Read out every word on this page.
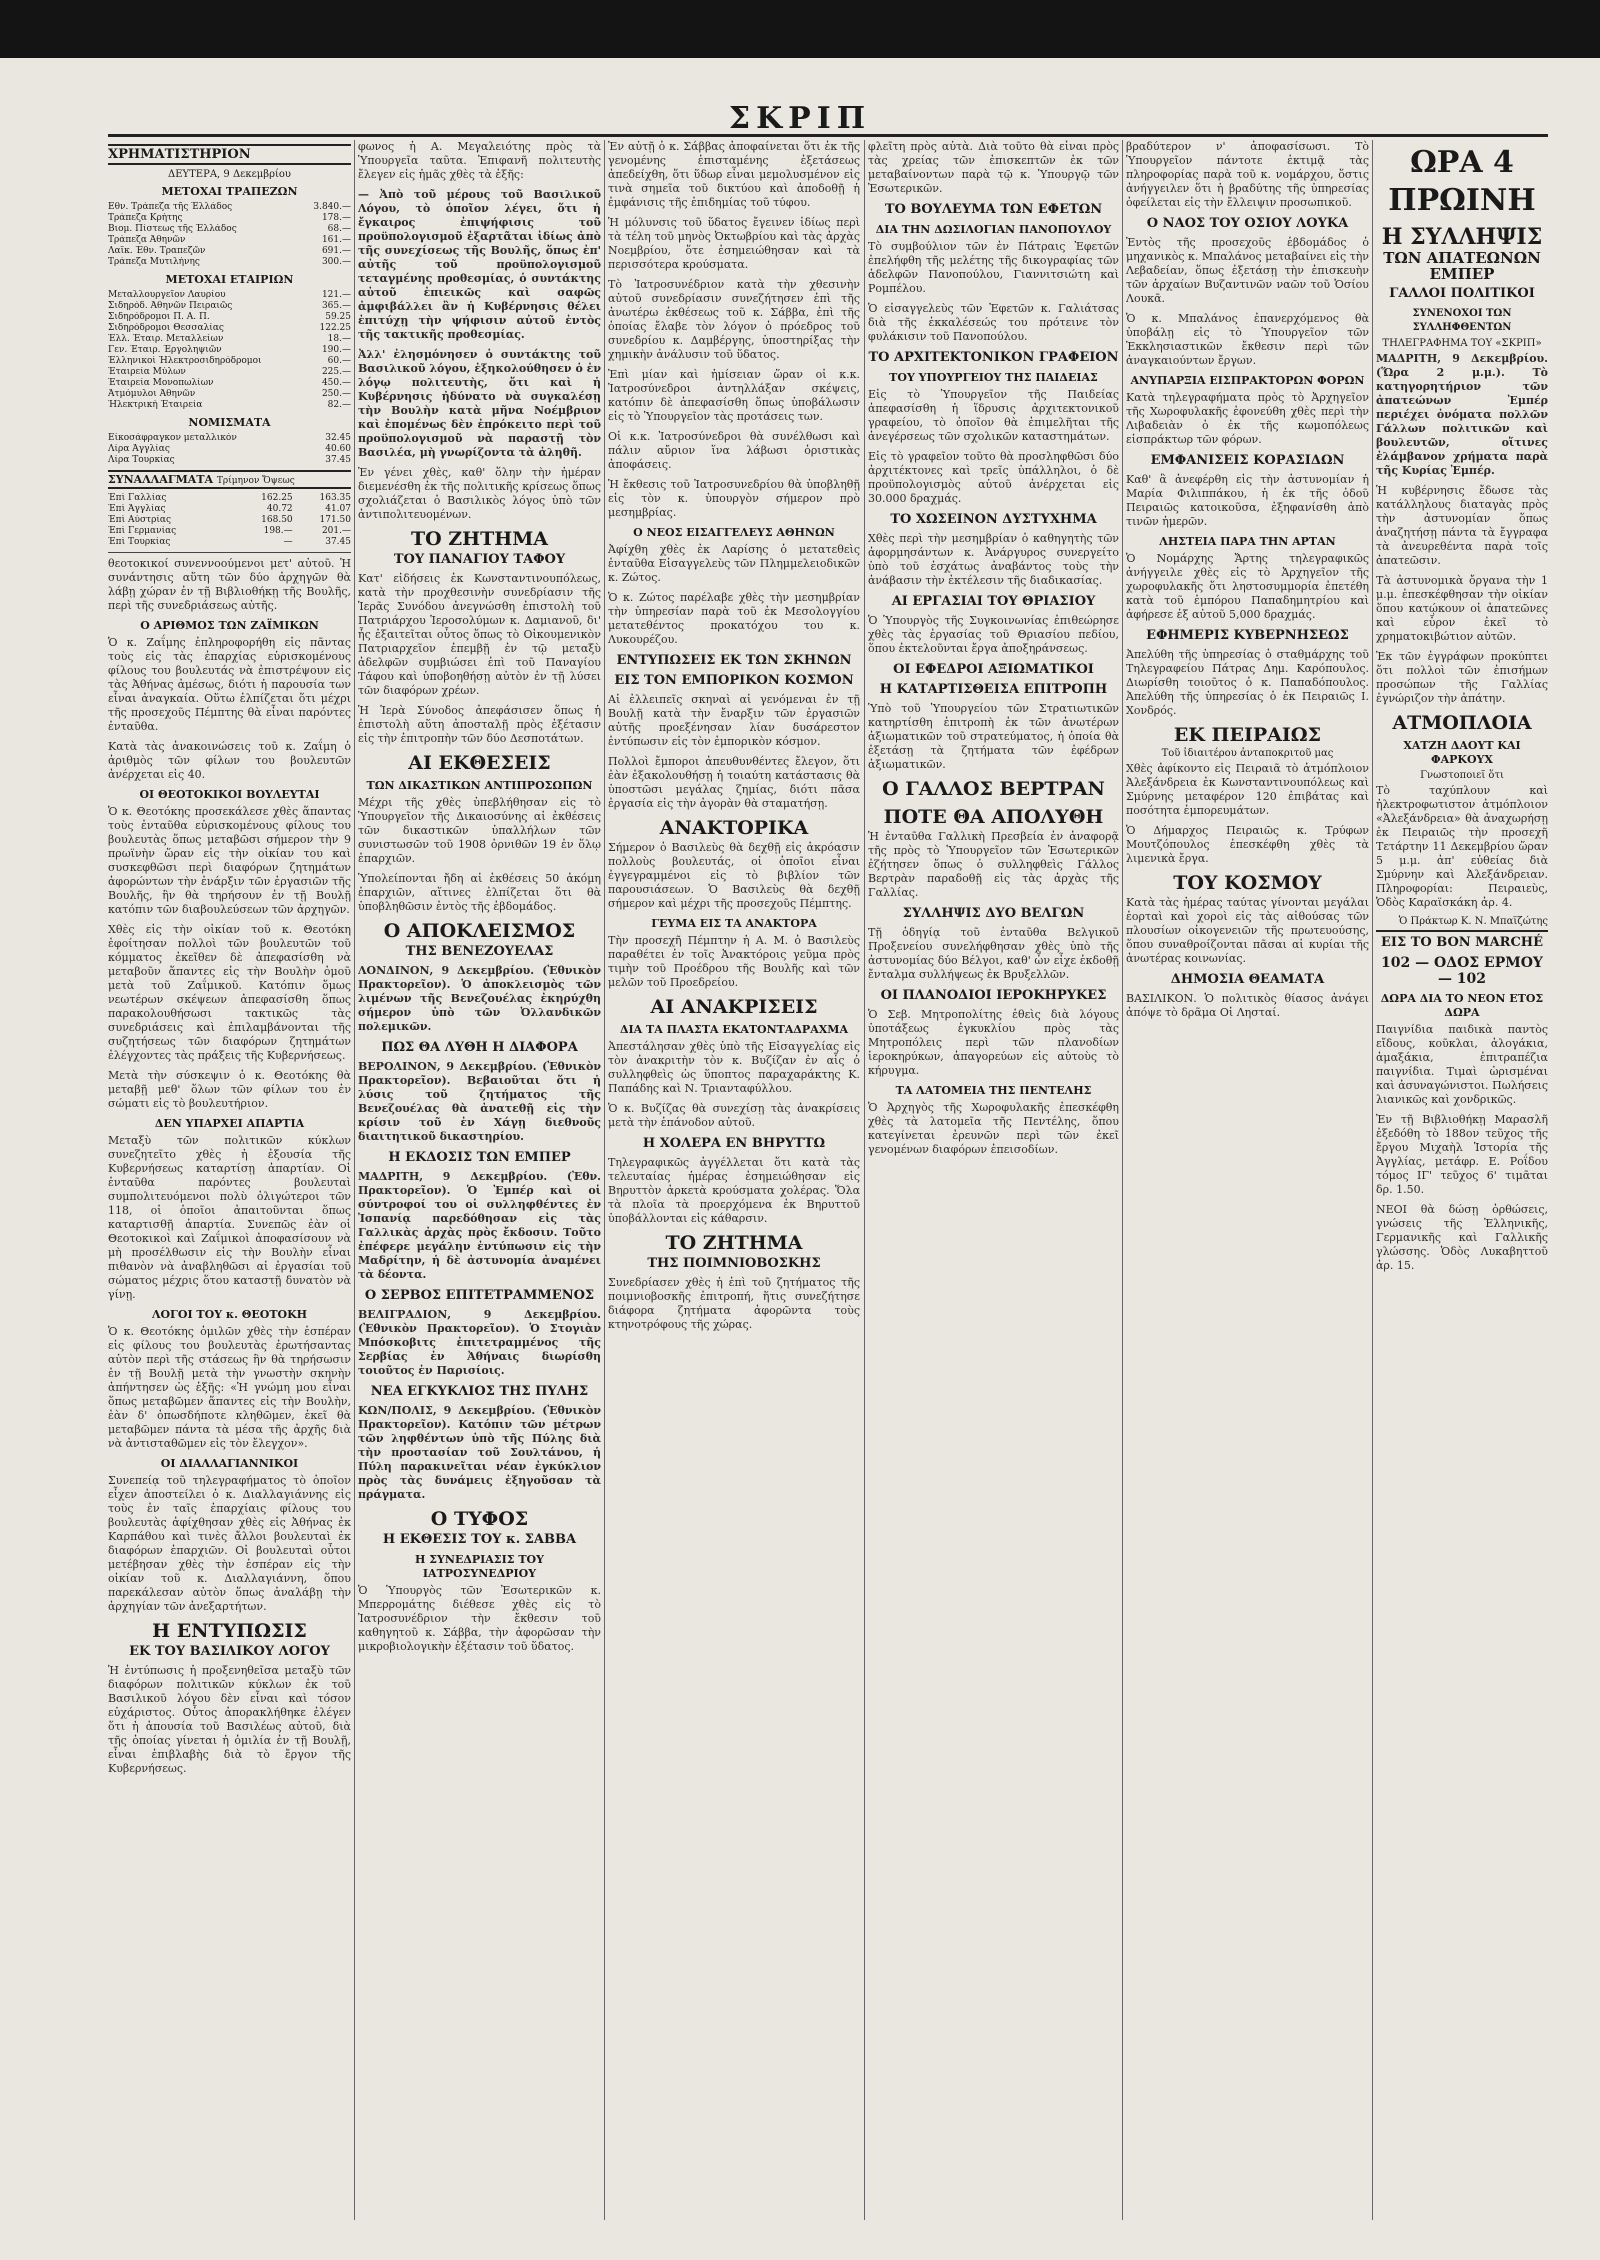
ΣΚΡΙΠ
ΧΡΗΜΑΤΙΣΤΗΡΙΟΝ
ΔΕΥΤΕΡΑ, 9 Δεκεμβρίου
ΜΕΤΟΧΑΙ ΤΡΑΠΕΖΩΝ
Εθν. Τράπεζα τῆς Ἑλλάδος	3.840.—
Τράπεζα Κρήτης	178.—
Βιομ. Πίστεως τῆς Ἑλλάδος	68.—
Τράπεζα Ἀθηνῶν	161.—
Λαϊκ. Ἐθν. Τραπεζῶν	691.—
Τράπεζα Μυτιλήνης	300.—
ΜΕΤΟΧΑΙ ΕΤΑΙΡΙΩΝ
Μεταλλουργεῖον Λαυρίου	121.—
Σιδηρόδ. Ἀθηνῶν Πειραιῶς	365.—
Σιδηρόδρομοι Π. Α. Π.	59.25
Σιδηρόδρομοι Θεσσαλίας	122.25
Ἑλλ. Ἐταιρ. Μεταλλείων	18.—
Γεν. Ἐταιρ. Ἐργοληψιῶν	190.—
Ἑλληνικοὶ Ἠλεκτροσιδηρόδρομοι	60.—
Ἐταιρεία Μύλων	225.—
Ἐταιρεία Μονοπωλίων	450.—
Ἀτμόμυλοι Ἀθηνῶν	250.—
Ἠλεκτρικὴ Ἐταιρεία	82.—
ΝΟΜΙΣΜΑΤΑ
Εἰκοσάφραγκον μεταλλικόν	32.45
Λίρα Ἀγγλίας	40.60
Λίρα Τουρκίας	37.45
ΣΥΝΑΛΛΑΓΜΑΤΑ Τρίμηνον Ὄψεως
Ἐπὶ Γαλλίας	162.25	163.35
Ἐπὶ Ἀγγλίας	40.72	41.07
Ἐπὶ Αὐστρίας	168.50	171.50
Ἐπὶ Γερμανίας	198.—	201.—
Ἐπὶ Τουρκίας	—	37.45

θεοτοκικοί συνεννοούμενοι μετ' αὐτοῦ. Ἡ συνάντησις αὕτη τῶν δύο ἀρχηγῶν θὰ λάβῃ χώραν ἐν τῇ Βιβλιοθήκῃ τῆς Βουλῆς, περὶ τῆς συνεδριάσεως αὐτῆς.

Ο ΑΡΙΘΜΟΣ ΤΩΝ ΖΑΪΜΙΚΩΝ

Ὁ κ. Ζαΐμης ἐπληροφορήθη εἰς πᾶντας τοὺς εἰς τὰς ἐπαρχίας εὑρισκομένους φίλους του βουλευτάς νὰ ἐπιστρέψουν εἰς τὰς Ἀθήνας ἀμέσως, διότι ἡ παρουσία των εἶναι ἀναγκαία. Οὕτω ἐλπίζεται ὅτι μέχρι τῆς προσεχοῦς Πέμπτης θὰ εἶναι παρόντες ἐνταῦθα.

Κατὰ τὰς ἀνακοινώσεις τοῦ κ. Ζαΐμη ὁ ἀριθμὸς τῶν φίλων του βουλευτῶν ἀνέρχεται εἰς 40.

ΟΙ ΘΕΟΤΟΚΙΚΟΙ ΒΟΥΛΕΥΤΑΙ

Ὁ κ. Θεοτόκης προσεκάλεσε χθὲς ἅπαντας τοὺς ἐνταῦθα εὑρισκομένους φίλους του βουλευτὰς ὅπως μεταβῶσι σήμερον τὴν 9 πρωϊνὴν ὥραν εἰς τὴν οἰκίαν του καὶ συσκεφθῶσι περὶ διαφόρων ζητημάτων ἀφορώντων τὴν ἐνάρξιν τῶν ἐργασιῶν τῆς Βουλῆς, ἣν θὰ τηρήσουν ἐν τῇ Βουλῇ κατόπιν τῶν διαβουλεύσεων τῶν ἀρχηγῶν.

Χθὲς εἰς τὴν οἰκίαν τοῦ κ. Θεοτόκη ἐφοίτησαν πολλοὶ τῶν βουλευτῶν τοῦ κόμματος ἐκεῖθεν δὲ ἀπεφασίσθη νὰ μεταβοῦν ἅπαντες εἰς τὴν Βουλὴν ὁμοῦ μετὰ τοῦ Ζαΐμικοῦ. Κατόπιν ὅμως νεωτέρων σκέψεων ἀπεφασίσθη ὅπως παρακολουθήσωσι τακτικῶς τὰς συνεδριάσεις καὶ ἐπιλαμβάνονται τῆς συζητήσεως τῶν διαφόρων ζητημάτων ἐλέγχοντες τὰς πράξεις τῆς Κυβερνήσεως.

Μετὰ τὴν σύσκεψιν ὁ κ. Θεοτόκης θὰ μεταβῇ μεθ' ὅλων τῶν φίλων του ἐν σώματι εἰς τὸ βουλευτήριον.

ΔΕΝ ΥΠΑΡΧΕΙ ΑΠΑΡΤΙΑ

Μεταξὺ τῶν πολιτικῶν κύκλων συνεζητεῖτο χθὲς ἡ ἐξουσία τῆς Κυβερνήσεως καταρτίσῃ ἀπαρτίαν. Οἱ ἐνταῦθα παρόντες βουλευταὶ συμπολιτευόμενοι πολὺ ὀλιγώτεροι τῶν 118, οἱ ὁποῖοι ἀπαιτοῦνται ὅπως καταρτισθῇ ἀπαρτία. Συνεπῶς ἐὰν οἱ Θεοτοκικοὶ καὶ Ζαΐμικοὶ ἀποφασίσουν νὰ μὴ προσέλθωσιν εἰς τὴν Βουλὴν εἶναι πιθανὸν νὰ ἀναβληθῶσι αἱ ἐργασίαι τοῦ σώματος μέχρις ὅτου καταστῇ δυνατὸν νὰ γίνῃ.

ΛΟΓΟΙ ΤΟΥ κ. ΘΕΟΤΟΚΗ

Ὁ κ. Θεοτόκης ὁμιλῶν χθὲς τὴν ἑσπέραν εἰς φίλους του βουλευτὰς ἐρωτήσαντας αὐτὸν περὶ τῆς στάσεως ἣν θὰ τηρήσωσιν ἐν τῇ Βουλῇ μετὰ τὴν γνωστὴν σκηνὴν ἀπήντησεν ὡς ἑξῆς: «Ἡ γνώμη μου εἶναι ὅπως μεταβῶμεν ἅπαντες εἰς τὴν Βουλὴν, ἐὰν δ' ὁπωσδήποτε κληθῶμεν, ἐκεῖ θὰ μεταβῶμεν πάντα τὰ μέσα τῆς ἀρχῆς διὰ νὰ ἀντισταθῶμεν εἰς τὸν ἔλεγχον».

ΟΙ ΔΙΑΛΛΑΓΙΑΝΝΙΚΟΙ

Συνεπείᾳ τοῦ τηλεγραφήματος τὸ ὁποῖον εἶχεν ἀποστείλει ὁ κ. Διαλλαγιάννης εἰς τοὺς ἐν ταῖς ἐπαρχίαις φίλους του βουλευτὰς ἀφίχθησαν χθὲς εἰς Ἀθήνας ἐκ Καρπάθου καὶ τινὲς ἄλλοι βουλευταὶ ἐκ διαφόρων ἐπαρχιῶν. Οἱ βουλευταὶ οὗτοι μετέβησαν χθὲς τὴν ἑσπέραν εἰς τὴν οἰκίαν τοῦ κ. Διαλλαγιάννη, ὅπου παρεκάλεσαν αὐτὸν ὅπως ἀναλάβῃ τὴν ἀρχηγίαν τῶν ἀνεξαρτήτων.

Η ΕΝΤΥΠΩΣΙΣ
ΕΚ ΤΟΥ ΒΑΣΙΛΙΚΟΥ ΛΟΓΟΥ

Ἡ ἐντύπωσις ἡ προξενηθεῖσα μεταξὺ τῶν διαφόρων πολιτικῶν κύκλων ἐκ τοῦ Βασιλικοῦ λόγου δὲν εἶναι καὶ τόσον εὐχάριστος. Οὗτος ἀπορακλήθηκε ἐλέγεν ὅτι ἡ ἀπουσία τοῦ Βασιλέως αὐτοῦ, διὰ τῆς ὁποίας γίνεται ἡ ὁμιλία ἐν τῇ Βουλῇ, εἶναι ἐπιβλαβὴς διὰ τὸ ἔργον τῆς Κυβερνήσεως.

φωνος ἡ Α. Μεγαλειότης πρὸς τὰ Ὑπουργεῖα ταῦτα. Ἐπιφανῆ πολιτευτὴς ἔλεγεν εἰς ἡμᾶς χθὲς τὰ ἑξῆς:

— Ἀπὸ τοῦ μέρους τοῦ Βασιλικοῦ Λόγου, τὸ ὁποῖον λέγει, ὅτι ἡ ἔγκαιρος ἐπιψήφισις τοῦ προϋπολογισμοῦ ἐξαρτᾶται ἰδίως ἀπὸ τῆς συνεχίσεως τῆς Βουλῆς, ὅπως ἐπ' αὐτῆς τοῦ προϋπολογισμοῦ τεταγμένης προθεσμίας, ὁ συντάκτης αὐτοῦ ἐπιεικῶς καὶ σαφῶς ἀμφιβάλλει ἂν ἡ Κυβέρνησις θέλει ἐπιτύχῃ τὴν ψήφισιν αὐτοῦ ἐντὸς τῆς τακτικῆς προθεσμίας.

Ἀλλ' ἐλησμόνησεν ὁ συντάκτης τοῦ Βασιλικοῦ λόγου, ἐξηκολούθησεν ὁ ἐν λόγῳ πολιτευτὴς, ὅτι καὶ ἡ Κυβέρνησις ἠδύνατο νὰ συγκαλέσῃ τὴν Βουλὴν κατὰ μῆνα Νοέμβριον καὶ ἐπομένως δὲν ἐπρόκειτο περὶ τοῦ προϋπολογισμοῦ νὰ παραστῇ τὸν Βασιλέα, μὴ γνωρίζοντα τὰ ἀληθῆ.

Ἐν γένει χθὲς, καθ' ὅλην τὴν ἡμέραν διεμενέσθη ἐκ τῆς πολιτικῆς κρίσεως ὅπως σχολιάζεται ὁ Βασιλικὸς λόγος ὑπὸ τῶν ἀντιπολιτευομένων.

ΤΟ ΖΗΤΗΜΑ
ΤΟΥ ΠΑΝΑΓΙΟΥ ΤΑΦΟΥ

Κατ' εἰδήσεις ἐκ Κωνσταντινουπόλεως, κατὰ τὴν προχθεσινὴν συνεδρίασιν τῆς Ἱερᾶς Συνόδου ἀνεγνώσθη ἐπιστολὴ τοῦ Πατριάρχου Ἱεροσολύμων κ. Δαμιανοῦ, δι' ἧς ἐξαιτεῖται οὗτος ὅπως τὸ Οἰκουμενικὸν Πατριαρχεῖον ἐπεμβῇ ἐν τῷ μεταξὺ ἀδελφῶν συμβιώσει ἐπὶ τοῦ Παναγίου Τάφου καὶ ὑποβοηθήσῃ αὐτὸν ἐν τῇ λύσει τῶν διαφόρων χρέων.

Ἡ Ἱερὰ Σύνοδος ἀπεφάσισεν ὅπως ἡ ἐπιστολὴ αὕτη ἀποσταλῇ πρὸς ἐξέτασιν εἰς τὴν ἐπιτροπὴν τῶν δύο Δεσποτάτων.

ΑΙ ΕΚΘΕΣΕΙΣ
ΤΩΝ ΔΙΚΑΣΤΙΚΩΝ ΑΝΤΙΠΡΟΣΩΠΩΝ

Μέχρι τῆς χθὲς ὑπεβλήθησαν εἰς τὸ Ὑπουργεῖον τῆς Δικαιοσύνης αἱ ἐκθέσεις τῶν δικαστικῶν ὑπαλλήλων τῶν συνιστωσῶν τοῦ 1908 ὀρνιθῶν 19 ἐν ὅλῳ ἐπαρχιῶν.

Ὑπολείπονται ἤδη αἱ ἐκθέσεις 50 ἀκόμη ἐπαρχιῶν, αἵτινες ἐλπίζεται ὅτι θὰ ὑποβληθῶσιν ἐντὸς τῆς ἑβδομάδος.

Ο ΑΠΟΚΛΕΙΣΜΟΣ
ΤΗΣ ΒΕΝΕΖΟΥΕΛΑΣ

ΛΟΝΔΙΝΟΝ, 9 Δεκεμβρίου. (Ἐθνικὸν Πρακτορεῖον). Ὁ ἀποκλεισμὸς τῶν λιμένων τῆς Βενεζουέλας ἐκηρύχθη σήμερον ὑπὸ τῶν Ὀλλανδικῶν πολεμικῶν.

ΠΩΣ ΘΑ ΛΥΘΗ Η ΔΙΑΦΟΡΑ

ΒΕΡΟΛΙΝΟΝ, 9 Δεκεμβρίου. (Ἐθνικὸν Πρακτορεῖον). Βεβαιοῦται ὅτι ἡ λύσις τοῦ ζητήματος τῆς Βενεζουέλας θὰ ἀνατεθῇ εἰς τὴν κρίσιν τοῦ ἐν Χάγῃ διεθνοῦς διαιτητικοῦ δικαστηρίου.

Η ΕΚΔΟΣΙΣ ΤΩΝ ΕΜΠΕΡ

ΜΑΔΡΙΤΗ, 9 Δεκεμβρίου. (Ἐθν. Πρακτορεῖον). Ὁ Ἐμπέρ καὶ οἱ σύντροφοί του οἱ συλληφθέντες ἐν Ἰσπανίᾳ παρεδόθησαν εἰς τὰς Γαλλικὰς ἀρχὰς πρὸς ἔκδοσιν. Τοῦτο ἐπέφερε μεγάλην ἐντύπωσιν εἰς τὴν Μαδρίτην, ἡ δὲ ἀστυνομία ἀναμένει τὰ δέοντα.

Ο ΣΕΡΒΟΣ ΕΠΙΤΕΤΡΑΜΜΕΝΟΣ

ΒΕΛΙΓΡΑΔΙΟΝ, 9 Δεκεμβρίου. (Ἐθνικὸν Πρακτορεῖον). Ὁ Στογιὰν Μπόσκοβιτς ἐπιτετραμμένος τῆς Σερβίας ἐν Ἀθήναις διωρίσθη τοιοῦτος ἐν Παρισίοις.

ΝΕΑ ΕΓΚΥΚΛΙΟΣ ΤΗΣ ΠΥΛΗΣ

ΚΩΝ/ΠΟΛΙΣ, 9 Δεκεμβρίου. (Ἐθνικὸν Πρακτορεῖον). Κατόπιν τῶν μέτρων τῶν ληφθέντων ὑπὸ τῆς Πύλης διὰ τὴν προστασίαν τοῦ Σουλτάνου, ἡ Πύλη παρακινεῖται νέαν ἐγκύκλιον πρὸς τὰς δυνάμεις ἐξηγοῦσαν τὰ πράγματα.

Ο ΤΥΦΟΣ
Η ΕΚΘΕΣΙΣ ΤΟΥ κ. ΣΑΒΒΑ
Η ΣΥΝΕΔΡΙΑΣΙΣ ΤΟΥ ΙΑΤΡΟΣΥΝΕΔΡΙΟΥ

Ὁ Ὑπουργὸς τῶν Ἐσωτερικῶν κ. Μπερρομάτης διέθεσε χθὲς εἰς τὸ Ἰατροσυνέδριον τὴν ἔκθεσιν τοῦ καθηγητοῦ κ. Σάββα, τὴν ἀφορῶσαν τὴν μικροβιολογικὴν ἐξέτασιν τοῦ ὕδατος.

Ἐν αὐτῇ ὁ κ. Σάββας ἀποφαίνεται ὅτι ἐκ τῆς γενομένης ἐπισταμένης ἐξετάσεως ἀπεδείχθη, ὅτι ὕδωρ εἶναι μεμολυσμένον εἰς τινὰ σημεῖα τοῦ δικτύου καὶ ἀποδοθῇ ἡ ἐμφάνισις τῆς ἐπιδημίας τοῦ τύφου.

Ἡ μόλυνσις τοῦ ὕδατος ἔγεινεν ἰδίως περὶ τὰ τέλη τοῦ μηνὸς Ὀκτωβρίου καὶ τὰς ἀρχὰς Νοεμβρίου, ὅτε ἐσημειώθησαν καὶ τὰ περισσότερα κρούσματα.

Τὸ Ἰατροσυνέδριον κατὰ τὴν χθεσινὴν αὐτοῦ συνεδρίασιν συνεζήτησεν ἐπὶ τῆς ἀνωτέρω ἐκθέσεως τοῦ κ. Σάββα, ἐπὶ τῆς ὁποίας ἔλαβε τὸν λόγον ὁ πρόεδρος τοῦ συνεδρίου κ. Δαμβέργης, ὑποστηρίξας τὴν χημικὴν ἀνάλυσιν τοῦ ὕδατος.

Ἐπὶ μίαν καὶ ἡμίσειαν ὥραν οἱ κ.κ. Ἰατροσύνεδροι ἀντηλλάξαν σκέψεις, κατόπιν δὲ ἀπεφασίσθη ὅπως ὑποβάλωσιν εἰς τὸ Ὑπουργεῖον τὰς προτάσεις των.

Οἱ κ.κ. Ἰατροσύνεδροι θὰ συνέλθωσι καὶ πάλιν αὔριον ἵνα λάβωσι ὁριστικὰς ἀποφάσεις.

Ἡ ἔκθεσις τοῦ Ἰατροσυνεδρίου θὰ ὑποβληθῇ εἰς τὸν κ. ὑπουργὸν σήμερον πρὸ μεσημβρίας.

Ο ΝΕΟΣ ΕΙΣΑΓΓΕΛΕΥΣ ΑΘΗΝΩΝ

Ἀφίχθη χθὲς ἐκ Λαρίσης ὁ μετατεθεὶς ἐνταῦθα Εἰσαγγελεὺς τῶν Πλημμελειοδικῶν κ. Ζώτος.

Ὁ κ. Ζώτος παρέλαβε χθὲς τὴν μεσημβρίαν τὴν ὑπηρεσίαν παρὰ τοῦ ἐκ Μεσολογγίου μετατεθέντος προκατόχου του κ. Λυκουρέζου.

ΕΝΤΥΠΩΣΕΙΣ ΕΚ ΤΩΝ ΣΚΗΝΩΝ
ΕΙΣ ΤΟΝ ΕΜΠΟΡΙΚΟΝ ΚΟΣΜΟΝ

Αἱ ἐλλειπεῖς σκηναὶ αἱ γενόμεναι ἐν τῇ Βουλῇ κατὰ τὴν ἔναρξιν τῶν ἐργασιῶν αὐτῆς προεξένησαν λίαν δυσάρεστον ἐντύπωσιν εἰς τὸν ἐμπορικὸν κόσμον.

Πολλοὶ ἔμποροι ἀπευθυνθέντες ἔλεγον, ὅτι ἐὰν ἐξακολουθήσῃ ἡ τοιαύτη κατάστασις θὰ ὑποστῶσι μεγάλας ζημίας, διότι πᾶσα ἐργασία εἰς τὴν ἀγορὰν θὰ σταματήσῃ.

ΑΝΑΚΤΟΡΙΚΑ

Σήμερον ὁ Βασιλεὺς θὰ δεχθῇ εἰς ἀκρόασιν πολλοὺς βουλευτάς, οἱ ὁποῖοι εἶναι ἐγγεγραμμένοι εἰς τὸ βιβλίον τῶν παρουσιάσεων. Ὁ Βασιλεὺς θὰ δεχθῇ σήμερον καὶ μέχρι τῆς προσεχοῦς Πέμπτης.

ΓΕΥΜΑ ΕΙΣ ΤΑ ΑΝΑΚΤΟΡΑ

Τὴν προσεχῆ Πέμπτην ἡ Α. Μ. ὁ Βασιλεὺς παραθέτει ἐν τοῖς Ἀνακτόροις γεῦμα πρὸς τιμὴν τοῦ Προέδρου τῆς Βουλῆς καὶ τῶν μελῶν τοῦ Προεδρείου.

ΑΙ ΑΝΑΚΡΙΣΕΙΣ
ΔΙΑ ΤΑ ΠΛΑΣΤΑ ΕΚΑΤΟΝΤΑΔΡΑΧΜΑ

Ἀπεστάλησαν χθὲς ὑπὸ τῆς Εἰσαγγελίας εἰς τὸν ἀνακριτὴν τὸν κ. Βυζίζαν ἐν αἷς ὁ συλληφθεὶς ὡς ὕποπτος παραχαράκτης Κ. Παπάδης καὶ Ν. Τριανταφύλλου.

Ὁ κ. Βυζίζας θὰ συνεχίσῃ τὰς ἀνακρίσεις μετὰ τὴν ἐπάνοδον αὐτοῦ.

Η ΧΟΛΕΡΑ ΕΝ ΒΗΡΥΤΤΩ

Τηλεγραφικῶς ἀγγέλλεται ὅτι κατὰ τὰς τελευταίας ἡμέρας ἐσημειώθησαν εἰς Βηρυττὸν ἀρκετὰ κρούσματα χολέρας. Ὅλα τὰ πλοῖα τὰ προερχόμενα ἐκ Βηρυττοῦ ὑποβάλλονται εἰς κάθαρσιν.

ΤΟ ΖΗΤΗΜΑ
ΤΗΣ ΠΟΙΜΝΙΟΒΟΣΚΗΣ

Συνεδρίασεν χθὲς ἡ ἐπὶ τοῦ ζητήματος τῆς ποιμνιοβοσκῆς ἐπιτροπή, ἥτις συνεζήτησε διάφορα ζητήματα ἀφορῶντα τοὺς κτηνοτρόφους τῆς χώρας.

φλεῖτη πρὸς αὐτὰ. Διὰ τοῦτο θὰ εἶναι πρὸς τὰς χρείας τῶν ἐπισκεπτῶν ἐκ τῶν μεταβαίνοντων παρὰ τῷ κ. Ὑπουργῷ τῶν Ἐσωτερικῶν.

ΤΟ ΒΟΥΛΕΥΜΑ ΤΩΝ ΕΦΕΤΩΝ
ΔΙΑ ΤΗΝ ΔΩΣΙΛΟΓΙΑΝ ΠΑΝΟΠΟΥΛΟΥ

Τὸ συμβούλιον τῶν ἐν Πάτραις Ἐφετῶν ἐπελήφθη τῆς μελέτης τῆς δικογραφίας τῶν ἀδελφῶν Πανοπούλου, Γιαννιτσιώτη καὶ Ρομπέλου.

Ὁ εἰσαγγελεὺς τῶν Ἐφετῶν κ. Γαλιάτσας διὰ τῆς ἐκκαλέσεώς του πρότεινε τὸν φυλάκισιν τοῦ Πανοπούλου.

ΤΟ ΑΡΧΙΤΕΚΤΟΝΙΚΟΝ ΓΡΑΦΕΙΟΝ
ΤΟΥ ΥΠΟΥΡΓΕΙΟΥ ΤΗΣ ΠΑΙΔΕΙΑΣ

Εἰς τὸ Ὑπουργεῖον τῆς Παιδείας ἀπεφασίσθη ἡ ἵδρυσις ἀρχιτεκτονικοῦ γραφείου, τὸ ὁποῖον θὰ ἐπιμελῆται τῆς ἀνεγέρσεως τῶν σχολικῶν καταστημάτων.

Εἰς τὸ γραφεῖον τοῦτο θὰ προσληφθῶσι δύο ἀρχιτέκτονες καὶ τρεῖς ὑπάλληλοι, ὁ δὲ προϋπολογισμὸς αὐτοῦ ἀνέρχεται εἰς 30.000 δραχμάς.

ΤΟ ΧΩΣΕΙΝΟΝ ΔΥΣΤΥΧΗΜΑ

Χθὲς περὶ τὴν μεσημβρίαν ὁ καθηγητὴς τῶν ἀφορμησάντων κ. Ἀνάργυρος συνεργείτο ὑπὸ τοῦ ἐσχάτως ἀναβάντος τοὺς τὴν ἀνάβασιν τὴν ἐκτέλεσιν τῆς διαδικασίας.

ΑΙ ΕΡΓΑΣΙΑΙ ΤΟΥ ΘΡΙΑΣΙΟΥ

Ὁ Ὑπουργὸς τῆς Συγκοινωνίας ἐπιθεώρησε χθὲς τὰς ἐργασίας τοῦ Θριασίου πεδίου, ὅπου ἐκτελοῦνται ἔργα ἀποξηράνσεως.

ΟΙ ΕΦΕΔΡΟΙ ΑΞΙΩΜΑΤΙΚΟΙ
Η ΚΑΤΑΡΤΙΣΘΕΙΣΑ ΕΠΙΤΡΟΠΗ

Ὑπὸ τοῦ Ὑπουργείου τῶν Στρατιωτικῶν κατηρτίσθη ἐπιτροπὴ ἐκ τῶν ἀνωτέρων ἀξιωματικῶν τοῦ στρατεύματος, ἡ ὁποία θὰ ἐξετάσῃ τὰ ζητήματα τῶν ἐφέδρων ἀξιωματικῶν.

Ο ΓΑΛΛΟΣ ΒΕΡΤΡΑΝ
ΠΟΤΕ ΘΑ ΑΠΟΛΥΘΗ

Ἡ ἐνταῦθα Γαλλικὴ Πρεσβεία ἐν ἀναφορᾷ τῆς πρὸς τὸ Ὑπουργεῖον τῶν Ἐσωτερικῶν ἐζήτησεν ὅπως ὁ συλληφθεὶς Γάλλος Βερτρὰν παραδοθῇ εἰς τὰς ἀρχὰς τῆς Γαλλίας.

ΣΥΛΛΗΨΙΣ ΔΥΟ ΒΕΛΓΩΝ

Τῇ ὁδηγίᾳ τοῦ ἐνταῦθα Βελγικοῦ Προξενείου συνελήφθησαν χθὲς ὑπὸ τῆς ἀστυνομίας δύο Βέλγοι, καθ' ὧν εἶχε ἐκδοθῇ ἔνταλμα συλλήψεως ἐκ Βρυξελλῶν.

ΟΙ ΠΛΑΝΟΔΙΟΙ ΙΕΡΟΚΗΡΥΚΕΣ

Ὁ Σεβ. Μητροπολίτης ἐθεὶς διὰ λόγους ὑποτάξεως ἐγκυκλίου πρὸς τὰς Μητροπόλεις περὶ τῶν πλανοδίων ἱεροκηρύκων, ἀπαγορεύων εἰς αὐτοὺς τὸ κήρυγμα.

ΤΑ ΛΑΤΟΜΕΙΑ ΤΗΣ ΠΕΝΤΕΛΗΣ

Ὁ Ἀρχηγὸς τῆς Χωροφυλακῆς ἐπεσκέφθη χθὲς τὰ λατομεῖα τῆς Πεντέλης, ὅπου κατεγίνεται ἐρευνῶν περὶ τῶν ἐκεῖ γενομένων διαφόρων ἐπεισοδίων.

βραδύτερον ν' ἀποφασίσωσι. Τὸ Ὑπουργεῖον πάντοτε ἐκτιμᾷ τὰς πληροφορίας παρὰ τοῦ κ. νομάρχου, ὅστις ἀνήγγειλεν ὅτι ἡ βραδύτης τῆς ὑπηρεσίας ὀφείλεται εἰς τὴν ἔλλειψιν προσωπικοῦ.

Ο ΝΑΟΣ ΤΟΥ ΟΣΙΟΥ ΛΟΥΚΑ

Ἐντὸς τῆς προσεχοῦς ἑβδομάδος ὁ μηχανικὸς κ. Μπαλάνος μεταβαίνει εἰς τὴν Λεβαδείαν, ὅπως ἐξετάσῃ τὴν ἐπισκευὴν τῶν ἀρχαίων Βυζαντινῶν ναῶν τοῦ Ὁσίου Λουκᾶ.

Ὁ κ. Μπαλάνος ἐπανερχόμενος θὰ ὑποβάλῃ εἰς τὸ Ὑπουργεῖον τῶν Ἐκκλησιαστικῶν ἔκθεσιν περὶ τῶν ἀναγκαιούντων ἔργων.

ΑΝΥΠΑΡΞΙΑ ΕΙΣΠΡΑΚΤΟΡΩΝ ΦΟΡΩΝ

Κατὰ τηλεγραφήματα πρὸς τὸ Ἀρχηγεῖον τῆς Χωροφυλακῆς ἐφονεύθη χθὲς περὶ τὴν Λιβαδειὰν ὁ ἐκ τῆς κωμοπόλεως εἰσπράκτωρ τῶν φόρων.

ΕΜΦΑΝΙΣΕΙΣ ΚΟΡΑΣΙΔΩΝ

Καθ' ἃ ἀνεφέρθη εἰς τὴν ἀστυνομίαν ἡ Μαρία Φιλιππάκου, ἡ ἐκ τῆς ὁδοῦ Πειραιῶς κατοικοῦσα, ἐξηφανίσθη ἀπὸ τινῶν ἡμερῶν.

ΛΗΣΤΕΙΑ ΠΑΡΑ ΤΗΝ ΑΡΤΑΝ

Ὁ Νομάρχης Ἄρτης τηλεγραφικῶς ἀνήγγειλε χθὲς εἰς τὸ Ἀρχηγεῖον τῆς χωροφυλακῆς ὅτι ληστοσυμμορία ἐπετέθη κατὰ τοῦ ἐμπόρου Παπαδημητρίου καὶ ἀφήρεσε ἐξ αὐτοῦ 5,000 δραχμάς.

ΕΦΗΜΕΡΙΣ ΚΥΒΕΡΝΗΣΕΩΣ

Ἀπελύθη τῆς ὑπηρεσίας ὁ σταθμάρχης τοῦ Τηλεγραφείου Πάτρας Δημ. Καρόπουλος. Διωρίσθη τοιοῦτος ὁ κ. Παπαδόπουλος. Ἀπελύθη τῆς ὑπηρεσίας ὁ ἐκ Πειραιῶς Ι. Χονδρός.

ΕΚ ΠΕΙΡΑΙΩΣ
Τοῦ ἰδιαιτέρου ἀνταποκριτοῦ μας

Χθὲς ἀφίκοντο εἰς Πειραιᾶ τὸ ἀτμόπλοιον Ἀλεξάνδρεια ἐκ Κωνσταντινουπόλεως καὶ Σμύρνης μεταφέρον 120 ἐπιβάτας καὶ ποσότητα ἐμπορευμάτων.

Ὁ Δήμαρχος Πειραιῶς κ. Τρύφων Μουτζόπουλος ἐπεσκέφθη χθὲς τὰ λιμενικὰ ἔργα.

ΤΟΥ ΚΟΣΜΟΥ

Κατὰ τὰς ἡμέρας ταύτας γίνονται μεγάλαι ἑορταὶ καὶ χοροὶ εἰς τὰς αἰθούσας τῶν πλουσίων οἰκογενειῶν τῆς πρωτευούσης, ὅπου συναθροίζονται πᾶσαι αἱ κυρίαι τῆς ἀνωτέρας κοινωνίας.

ΔΗΜΟΣΙΑ ΘΕΑΜΑΤΑ

ΒΑΣΙΛΙΚΟΝ. Ὁ πολιτικὸς θίασος ἀνάγει ἀπόψε τὸ δρᾶμα Οἱ Λησταί.

ΩΡΑ 4 ΠΡΩΙΝΗ
Η ΣΥΛΛΗΨΙΣ
ΤΩΝ ΑΠΑΤΕΩΝΩΝ ΕΜΠΕΡ
ΓΑΛΛΟΙ ΠΟΛΙΤΙΚΟΙ
ΣΥΝΕΝΟΧΟΙ ΤΩΝ ΣΥΛΛΗΦΘΕΝΤΩΝ
ΤΗΛΕΓΡΑΦΗΜΑ ΤΟΥ «ΣΚΡΙΠ»

ΜΑΔΡΙΤΗ, 9 Δεκεμβρίου. (Ὥρα 2 μ.μ.). Τὸ κατηγορητήριον τῶν ἀπατεώνων Ἐμπέρ περιέχει ὀνόματα πολλῶν Γάλλων πολιτικῶν καὶ βουλευτῶν, οἵτινες ἐλάμβανον χρήματα παρὰ τῆς Κυρίας Ἐμπέρ.

Ἡ κυβέρνησις ἔδωσε τὰς κατάλληλους διαταγὰς πρὸς τὴν ἀστυνομίαν ὅπως ἀναζητήσῃ πάντα τὰ ἔγγραφα τὰ ἀνευρεθέντα παρὰ τοῖς ἀπατεῶσιν.

Τὰ ἀστυνομικὰ ὄργανα τὴν 1 μ.μ. ἐπεσκέφθησαν τὴν οἰκίαν ὅπου κατῴκουν οἱ ἀπατεῶνες καὶ εὗρον ἐκεῖ τὸ χρηματοκιβώτιον αὐτῶν.

Ἐκ τῶν ἐγγράφων προκύπτει ὅτι πολλοὶ τῶν ἐπισήμων προσώπων τῆς Γαλλίας ἐγνώριζον τὴν ἀπάτην.

ΑΤΜΟΠΛΟΙΑ
ΧΑΤΖΗ ΔΑΟΥΤ ΚΑΙ ΦΑΡΚΟΥΧ
Γνωστοποιεῖ ὅτι

Τὸ ταχύπλουν καὶ ἠλεκτροφωτιστον ἀτμόπλοιον «Ἀλεξάνδρεια» θὰ ἀναχωρήσῃ ἐκ Πειραιῶς τὴν προσεχῆ Τετάρτην 11 Δεκεμβρίου ὥραν 5 μ.μ. ἀπ' εὐθείας διὰ Σμύρνην καὶ Ἀλεξάνδρειαν. Πληροφορίαι: Πειραιεὺς, Ὁδὸς Καραϊσκάκη ἀρ. 4.

Ὁ Πράκτωρ Κ. Ν. Μπαϊζώτης
ΕΙΣ ΤΟ BON MARCHÉ
102 — ΟΔΟΣ ΕΡΜΟΥ — 102
ΔΩΡΑ ΔΙΑ ΤΟ ΝΕΟΝ ΕΤΟΣ ΔΩΡΑ

Παιγνίδια παιδικὰ παντὸς εἴδους, κοῦκλαι, ἀλογάκια, ἁμαξάκια, ἐπιτραπέζια παιγνίδια. Τιμαὶ ὡρισμέναι καὶ ἀσυναγώνιστοι. Πωλήσεις λιανικῶς καὶ χονδρικῶς.

Ἐν τῇ Βιβλιοθήκῃ Μαρασλῆ ἐξεδόθη τὸ 188ον τεῦχος τῆς ἔργου Μιχαὴλ Ἱστορία τῆς Ἀγγλίας, μετάφρ. Ε. Ροΐδου τόμος ΙΓ' τεῦχος 6' τιμᾶται δρ. 1.50.

ΝΕΟΙ θὰ δώσῃ ὀρθώσεις, γνώσεις τῆς Ἑλληνικῆς, Γερμανικῆς καὶ Γαλλικῆς γλώσσης. Ὁδὸς Λυκαβηττοῦ ἀρ. 15.
